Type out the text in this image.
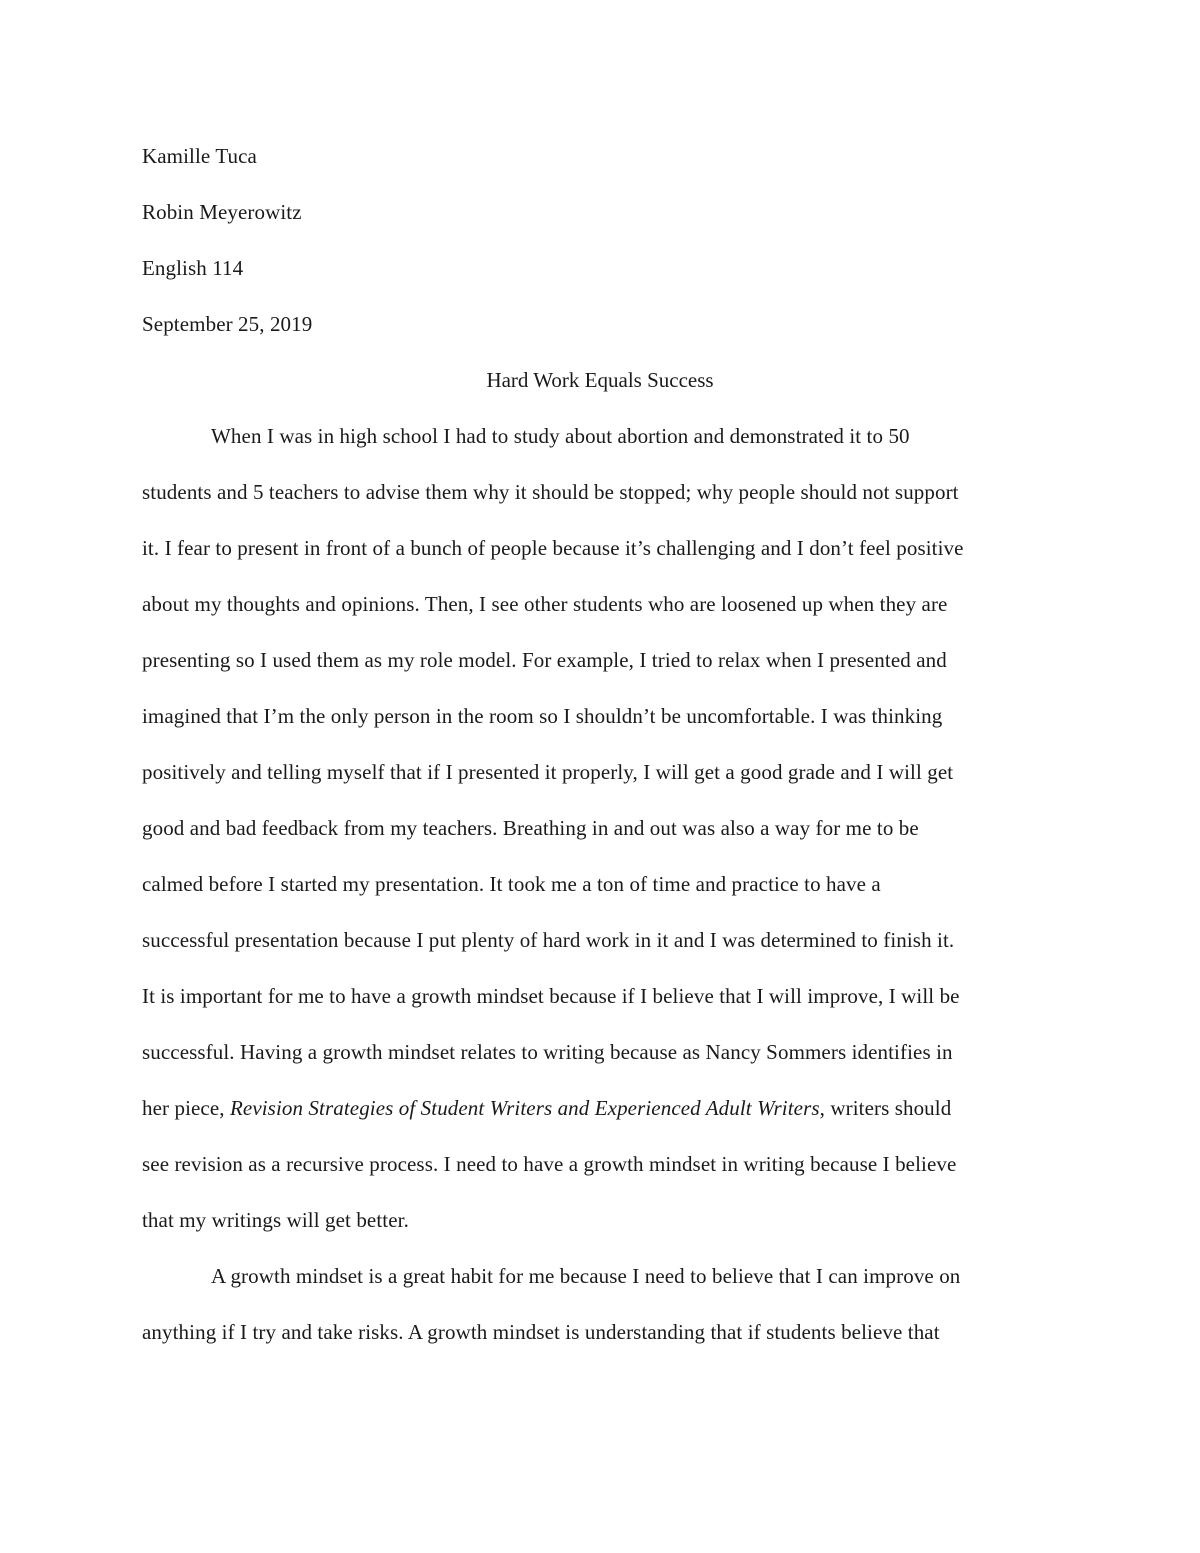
Kamille Tuca
Robin Meyerowitz
English 114
September 25, 2019
Hard Work Equals Success
When I was in high school I had to study about abortion and demonstrated it to 50
students and 5 teachers to advise them why it should be stopped; why people should not support
it. I fear to present in front of a bunch of people because it’s challenging and I don’t feel positive
about my thoughts and opinions. Then, I see other students who are loosened up when they are
presenting so I used them as my role model. For example, I tried to relax when I presented and
imagined that I’m the only person in the room so I shouldn’t be uncomfortable. I was thinking
positively and telling myself that if I presented it properly, I will get a good grade and I will get
good and bad feedback from my teachers. Breathing in and out was also a way for me to be
calmed before I started my presentation. It took me a ton of time and practice to have a
successful presentation because I put plenty of hard work in it and I was determined to finish it.
It is important for me to have a growth mindset because if I believe that I will improve, I will be
successful. Having a growth mindset relates to writing because as Nancy Sommers identifies in
her piece, Revision Strategies of Student Writers and Experienced Adult Writers, writers should
see revision as a recursive process. I need to have a growth mindset in writing because I believe
that my writings will get better.
A growth mindset is a great habit for me because I need to believe that I can improve on
anything if I try and take risks. A growth mindset is understanding that if students believe that
